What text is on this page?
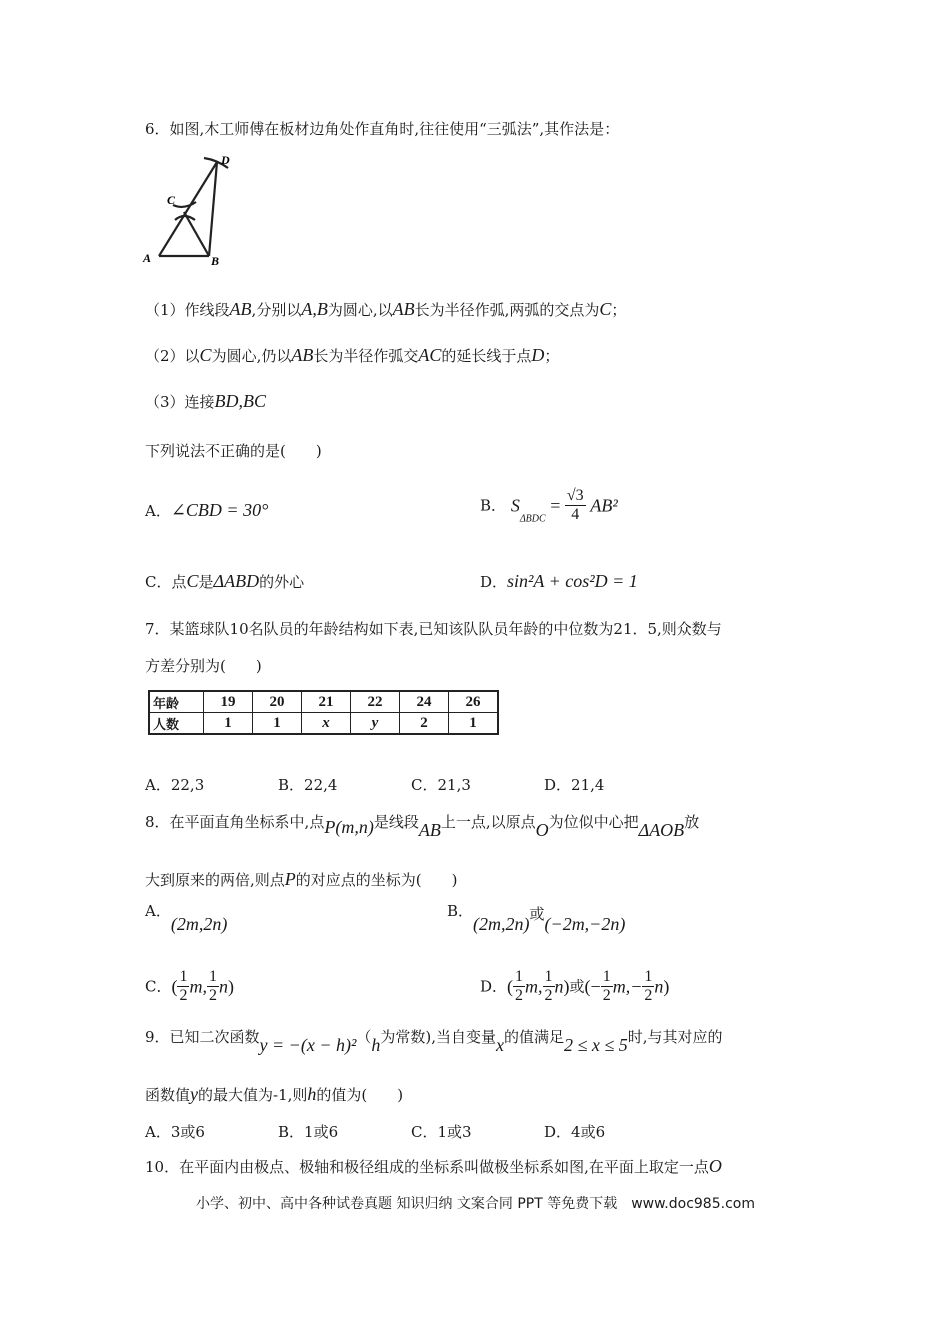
6．如图,木工师傅在板材边角处作直角时,往往使用“三弧法”,其作法是：
A	B
C
D
（1）作线段AB,分别以A,B为圆心,以AB长为半径作弧,两弧的交点为C；
（2）以C为圆心,仍以AB长为半径作弧交AC的延长线于点D；
（3）连接BD,BC
下列说法不正确的是(　　)
A．∠CBD = 30°	B． $S_{\Delta BDC} = \frac{√3}{4} AB^2$
C．点C是ΔABD的外心	D．sin²A + cos²D = 1
7．某篮球队10名队员的年龄结构如下表,已知该队队员年龄的中位数为21．5,则众数与
方差分别为(　　)
年龄	19	20	21	22	24	26
人数	1	1	x	y	2	1
A．22,3	B．22,4	C．21,3	D．21,4
8．在平面直角坐标系中,点P(m,n)是线段AB上一点,以原点O为位似中心把ΔAOB放
大到原来的两倍,则点P的对应点的坐标为(　　)
A．(2m,2n)
B．(2m,2n)或(−2m,−2n)
C．( $\frac{1}{2} m$, $\frac{1}{2} n$)	D．( $\frac{1}{2} m$, $\frac{1}{2} n$)或(− $\frac{1}{2} m,- \frac{1}{2} n$)
9．已知二次函数y = −(x − h)²（h为常数),当自变量x的值满足2 ≤ x ≤ 5时,与其对应的
函数值y的最大值为-1,则h的值为(　　)
A．3或6	B．1或6	C．1或3	D．4或6
10．在平面内由极点、极轴和极径组成的坐标系叫做极坐标系如图,在平面上取定一点O
小学、初中、高中各种试卷真题 知识归纳 文案合同 PPT 等免费下载　www.doc985.com
